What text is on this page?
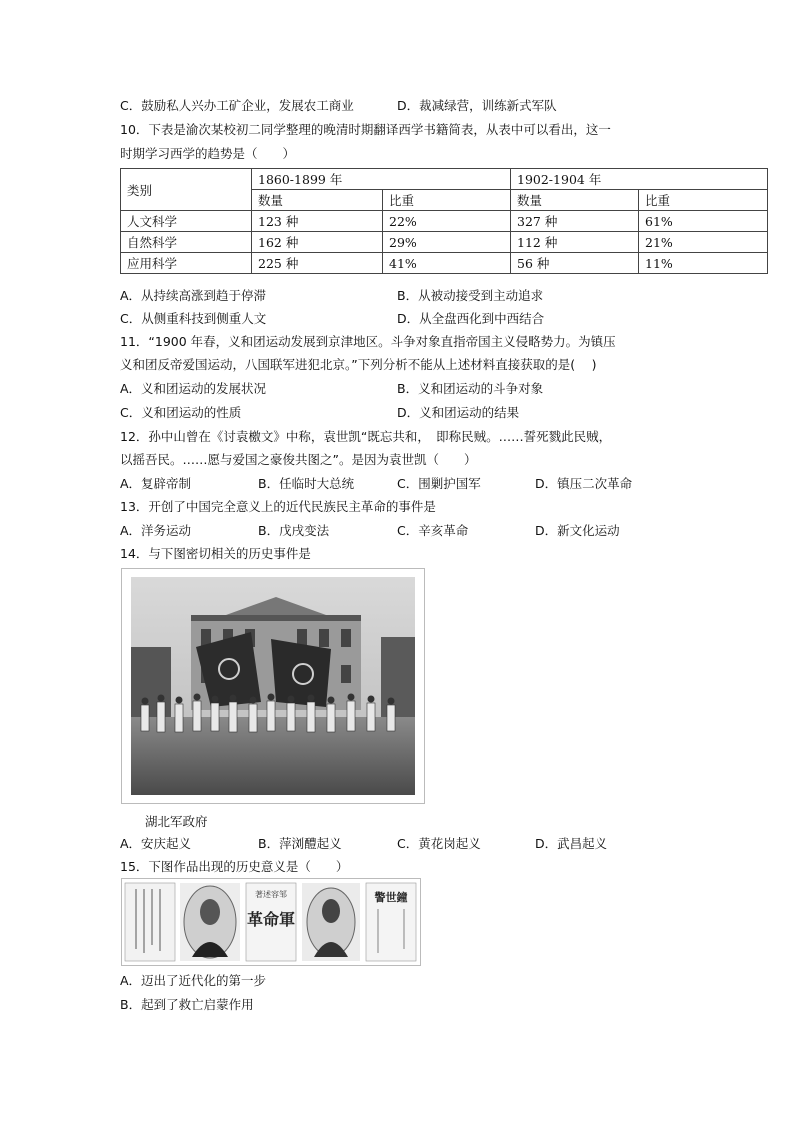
C．鼓励私人兴办工矿企业，发展农工商业	D．裁减绿营，训练新式军队
10．下表是渝次某校初二同学整理的晚清时期翻译西学书籍简表，从表中可以看出，这一
时期学习西学的趋势是（　　）
类别	1860-1899 年		1902-1904 年	
	数量	比重	数量	比重
人文科学	123 种	22%	327 种	61%
自然科学	162 种	29%	112 种	21%
应用科学	225 种	41%	56 种	11%
A．从持续高涨到趋于停滞	B．从被动接受到主动追求
C．从侧重科技到侧重人文	D．从全盘西化到中西结合
11．“1900 年春，义和团运动发展到京津地区。斗争对象直指帝国主义侵略势力。为镇压
义和团反帝爱国运动，八国联军进犯北京。”下列分析不能从上述材料直接获取的是(　 )
A．义和团运动的发展状况	B．义和团运动的斗争对象
C．义和团运动的性质	D．义和团运动的结果
12．孙中山曾在《讨袁檄文》中称，袁世凯“既忘共和，　即称民贼。……誓死戮此民贼，
以摇吾民。……愿与爱国之豪俊共图之”。是因为袁世凯（　　）
A．复辟帝制	B．任临时大总统	C．围剿护国军	D．镇压二次革命
13．开创了中国完全意义上的近代民族民主革命的事件是
A．洋务运动	B．戊戌变法	C．辛亥革命	D．新文化运动
14．与下图密切相关的历史事件是
湖北军政府
A．安庆起义	B．萍浏醴起义	C．黄花岗起义	D．武昌起义
15．下图作品出现的历史意义是（　　）
著述容邹
革命軍
警世鐘
A．迈出了近代化的第一步
B．起到了救亡启蒙作用
